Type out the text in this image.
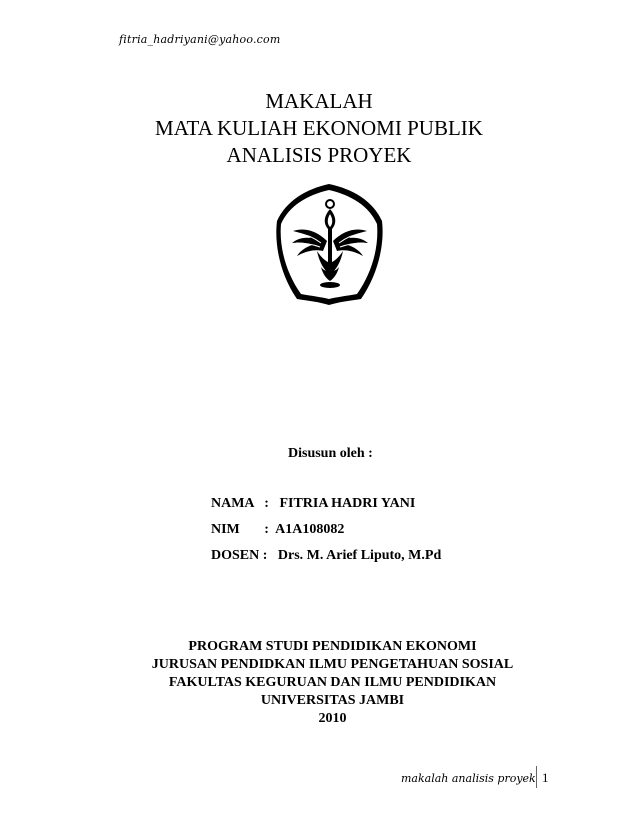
fitria_hadriyani@yahoo.com
MAKALAH
MATA KULIAH EKONOMI PUBLIK
ANALISIS PROYEK
Disusun oleh :
NAMA   : FITRIA HADRI YANI
NIM       : A1A108082
DOSEN : Drs. M. Arief Liputo, M.Pd
PROGRAM STUDI PENDIDIKAN EKONOMI
JURUSAN PENDIDKAN ILMU PENGETAHUAN SOSIAL
FAKULTAS KEGURUAN DAN ILMU PENDIDIKAN
UNIVERSITAS JAMBI
2010
makalah analisis proyek 1
